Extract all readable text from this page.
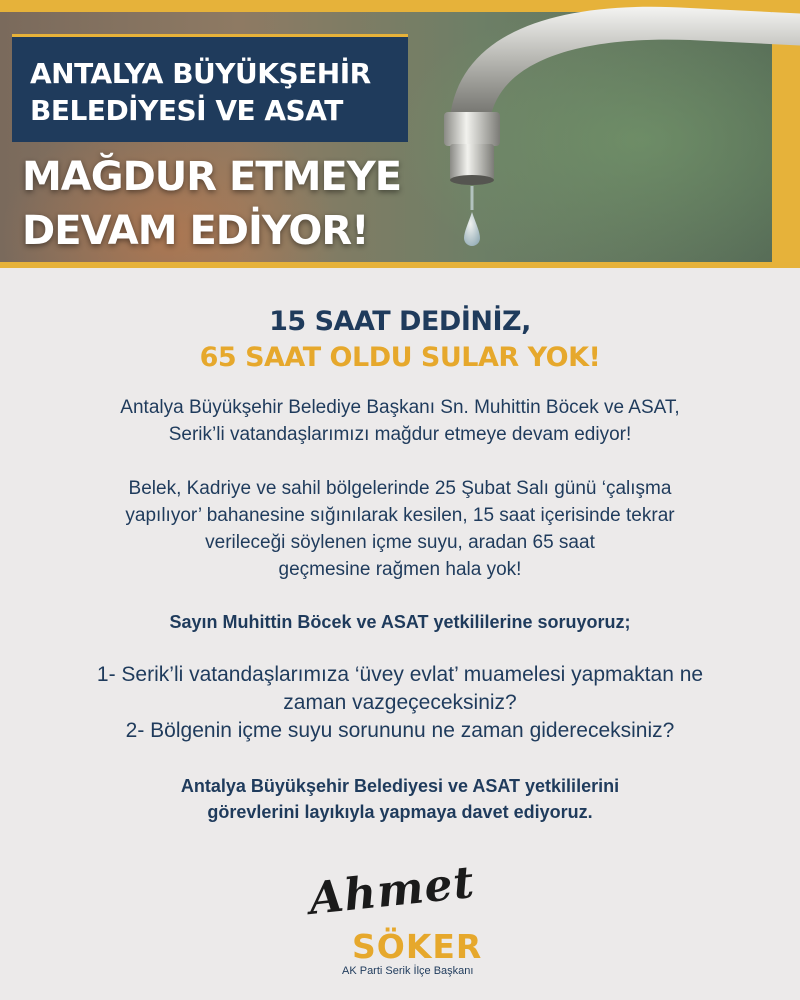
ANTALYA BÜYÜKŞEHİR
BELEDİYESİ VE ASAT
MAĞDUR ETMEYE
DEVAM EDİYOR!
15 SAAT DEDİNİZ,
65 SAAT OLDU SULAR YOK!
Antalya Büyükşehir Belediye Başkanı Sn. Muhittin Böcek ve ASAT,
Serik’li vatandaşlarımızı mağdur etmeye devam ediyor!
Belek, Kadriye ve sahil bölgelerinde 25 Şubat Salı günü ‘çalışma
yapılıyor’ bahanesine sığınılarak kesilen, 15 saat içerisinde tekrar
verileceği söylenen içme suyu, aradan 65 saat
geçmesine rağmen hala yok!
Sayın Muhittin Böcek ve ASAT yetkililerine soruyoruz;
1- Serik’li vatandaşlarımıza ‘üvey evlat’ muamelesi yapmaktan ne
zaman vazgeçeceksiniz?
2- Bölgenin içme suyu sorununu ne zaman gidereceksiniz?
Antalya Büyükşehir Belediyesi ve ASAT yetkililerini
görevlerini layıkıyla yapmaya davet ediyoruz.
Ahmet
SÖKER
AK Parti Serik İlçe Başkanı
